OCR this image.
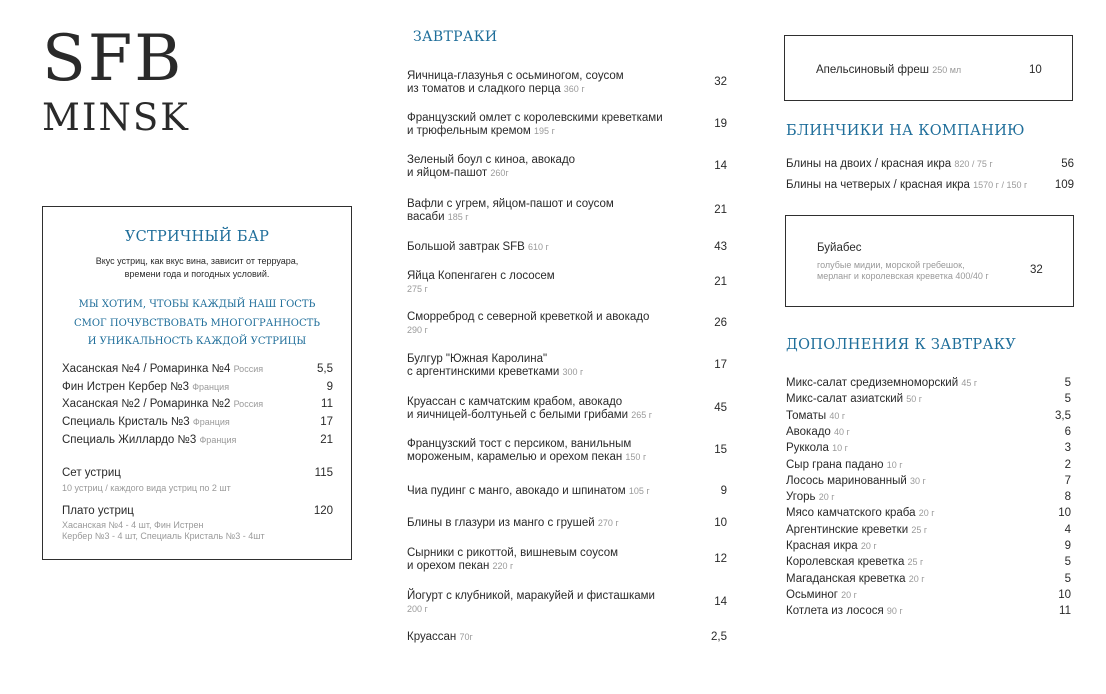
SFB
MINSK
УСТРИЧНЫЙ БАР
Вкус устриц, как вкус вина, зависит от терруара,
времени года и погодных условий.
МЫ ХОТИМ, ЧТОБЫ КАЖДЫЙ НАШ ГОСТЬ
СМОГ ПОЧУВСТВОВАТЬ МНОГОГРАННОСТЬ
И УНИКАЛЬНОСТЬ КАЖДОЙ УСТРИЦЫ
Хасанская №4 / Ромаринка №4 Россия	5,5
Фин Истрен Кербер №3 Франция	9
Хасанская №2 / Ромаринка №2 Россия	11
Специаль Кристаль №3 Франция	17
Специаль Жиллардо №3 Франция	21
Сет устриц	115
10 устриц / каждого вида устриц по 2 шт
Плато устриц	120
Хасанская №4 - 4 шт, Фин Истрен
Кербер №3 - 4 шт, Специаль Кристаль №3 - 4шт
ЗАВТРАКИ
Яичница-глазунья с осьминогом, соусом
из томатов и сладкого перца 360 г
32
Французский омлет с королевскими креветками
и трюфельным кремом 195 г
19
Зеленый боул с киноа, авокадо
и яйцом-пашот 260г
14
Вафли с угрем, яйцом-пашот и соусом
васаби 185 г
21
Большой завтрак SFB 610 г	43
Яйца Копенгаген с лососем
275 г
21
Сморреброд с северной креветкой и авокадо
290 г
26
Булгур "Южная Каролина"
с аргентинскими креветками 300 г
17
Круассан с камчатским крабом, авокадо
и яичницей-болтуньей с белыми грибами 265 г
45
Французский тост с персиком, ванильным
мороженым, карамелью и орехом пекан 150 г
15
Чиа пудинг с манго, авокадо и шпинатом 105 г	9
Блины в глазури из манго с грушей 270 г	10
Сырники с рикоттой, вишневым соусом
и орехом пекан 220 г
12
Йогурт с клубникой, маракуйей и фисташками
200 г
14
Круассан 70г	2,5
Апельсиновый фреш 250 мл	10
БЛИНЧИКИ НА КОМПАНИЮ
Блины на двоих / красная икра 820 / 75 г	56
Блины на четверых / красная икра 1570 г / 150 г 109
Буйабес
голубые мидии, морской гребешок,
мерланг и королевская креветка 400/40 г	32
ДОПОЛНЕНИЯ К ЗАВТРАКУ
Микс-салат средиземноморский 45 г	5
Микс-салат азиатский 50 г	5
Томаты 40 г	3,5
Авокадо 40 г	6
Руккола 10 г	3
Сыр грана падано 10 г	2
Лосось маринованный 30 г	7
Угорь 20 г	8
Мясо камчатского краба 20 г	10
Аргентинские креветки 25 г	4
Красная икра 20 г	9
Королевская креветка 25 г	5
Магаданская креветка 20 г	5
Осьминог 20 г	10
Котлета из лосося 90 г	11
